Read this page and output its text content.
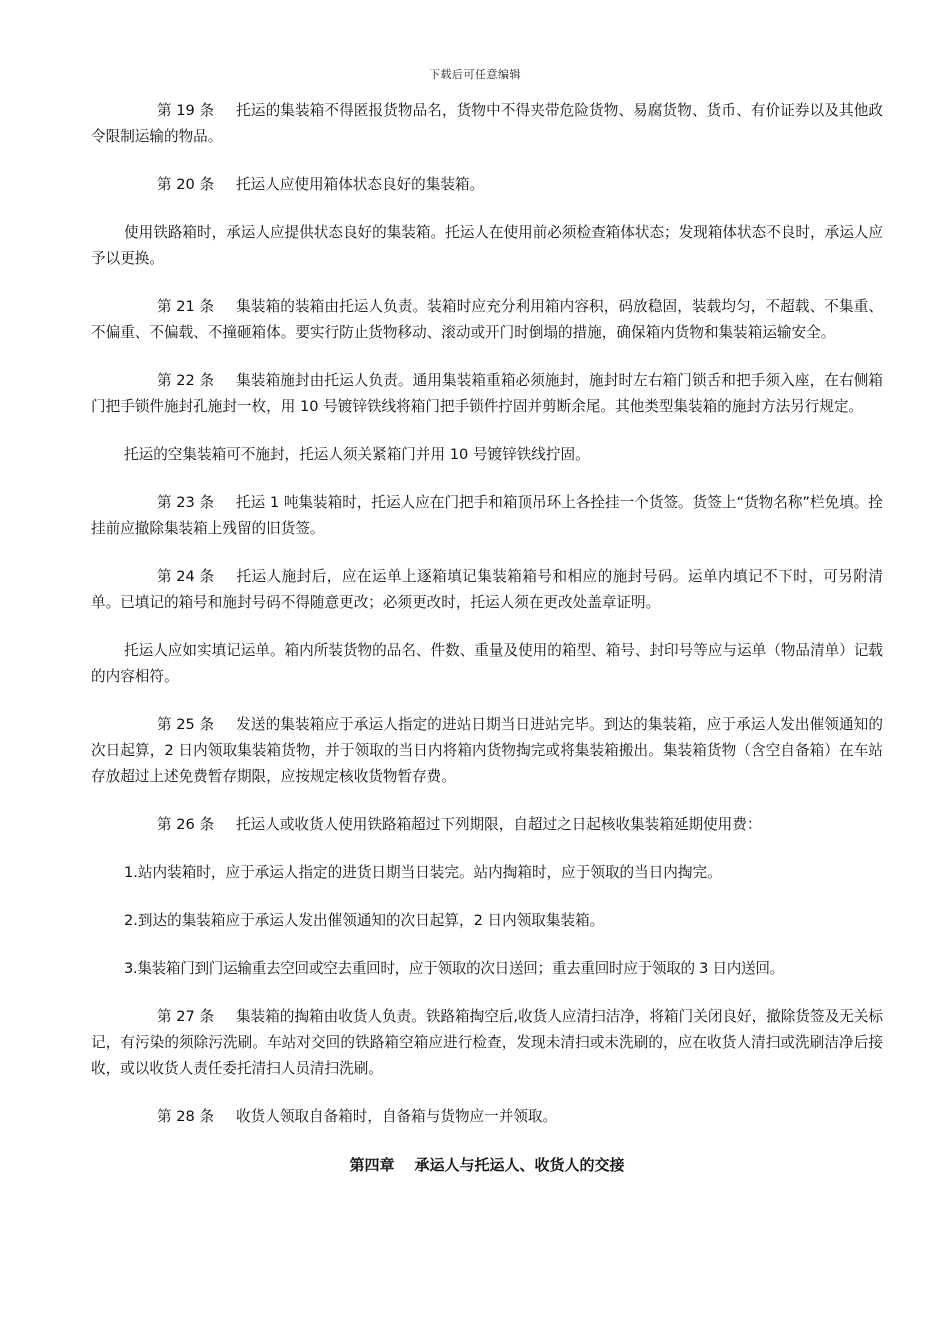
下载后可任意编辑

第 19 条 托运的集装箱不得匿报货物品名，货物中不得夹带危险货物、易腐货物、货币、有价证券以及其他政令限制运输的物品。

第 20 条 托运人应使用箱体状态良好的集装箱。

使用铁路箱时，承运人应提供状态良好的集装箱。托运人在使用前必须检查箱体状态；发现箱体状态不良时，承运人应予以更换。

第 21 条 集装箱的装箱由托运人负责。装箱时应充分利用箱内容积，码放稳固，装载均匀，不超载、不集重、不偏重、不偏载、不撞砸箱体。要实行防止货物移动、滚动或开门时倒塌的措施，确保箱内货物和集装箱运输安全。

第 22 条 集装箱施封由托运人负责。通用集装箱重箱必须施封，施封时左右箱门锁舌和把手须入座，在右侧箱门把手锁件施封孔施封一枚，用 10 号镀锌铁线将箱门把手锁件拧固并剪断余尾。其他类型集装箱的施封方法另行规定。

托运的空集装箱可不施封，托运人须关紧箱门并用 10 号镀锌铁线拧固。

第 23 条 托运 1 吨集装箱时，托运人应在门把手和箱顶吊环上各拴挂一个货签。货签上“货物名称”栏免填。拴挂前应撤除集装箱上残留的旧货签。

第 24 条 托运人施封后，应在运单上逐箱填记集装箱箱号和相应的施封号码。运单内填记不下时，可另附清单。已填记的箱号和施封号码不得随意更改；必须更改时，托运人须在更改处盖章证明。

托运人应如实填记运单。箱内所装货物的品名、件数、重量及使用的箱型、箱号、封印号等应与运单（物品清单）记载的内容相符。

第 25 条 发送的集装箱应于承运人指定的进站日期当日进站完毕。到达的集装箱，应于承运人发出催领通知的次日起算，2 日内领取集装箱货物，并于领取的当日内将箱内货物掏完或将集装箱搬出。集装箱货物（含空自备箱）在车站存放超过上述免费暂存期限，应按规定核收货物暂存费。

第 26 条 托运人或收货人使用铁路箱超过下列期限，自超过之日起核收集装箱延期使用费：

1.站内装箱时，应于承运人指定的进货日期当日装完。站内掏箱时，应于领取的当日内掏完。

2.到达的集装箱应于承运人发出催领通知的次日起算，2 日内领取集装箱。

3.集装箱门到门运输重去空回或空去重回时，应于领取的次日送回；重去重回时应于领取的 3 日内送回。

第 27 条 集装箱的掏箱由收货人负责。铁路箱掏空后,收货人应清扫洁净，将箱门关闭良好，撤除货签及无关标记，有污染的须除污洗刷。车站对交回的铁路箱空箱应进行检查，发现未清扫或未洗刷的，应在收货人清扫或洗刷洁净后接收，或以收货人责任委托清扫人员清扫洗刷。

第 28 条 收货人领取自备箱时，自备箱与货物应一并领取。

第四章 承运人与托运人、收货人的交接
